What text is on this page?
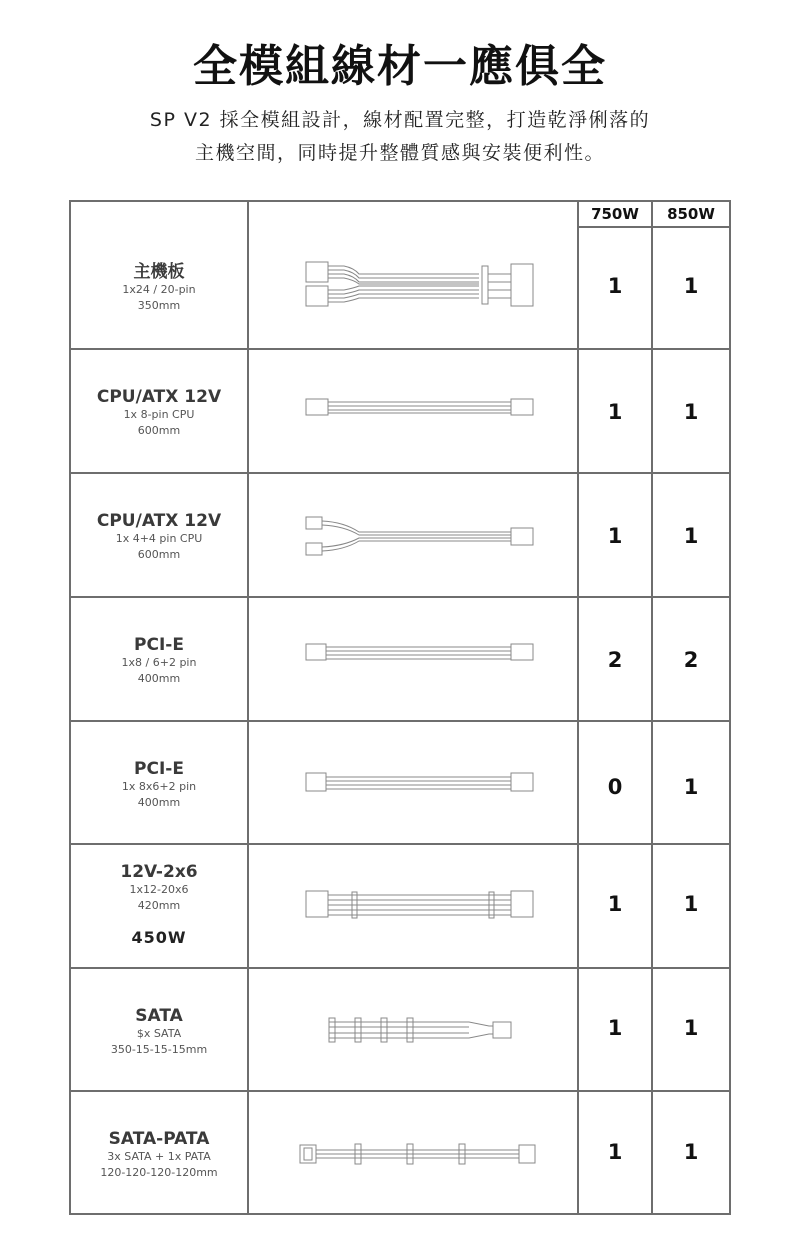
全模組線材一應俱全
SP V2 採全模組設計，線材配置完整，打造乾淨俐落的
主機空間，同時提升整體質感與安裝便利性。
750W	850W
主機板
1x24 / 20-pin
350mm
1	1
CPU/ATX 12V
1x 8-pin CPU
600mm
1	1
CPU/ATX 12V
1x 4+4 pin CPU
600mm
1	1
PCI-E
1x8 / 6+2 pin
400mm
2	2
PCI-E
1x 8x6+2 pin
400mm
0	1
12V-2x6
1x12-20x6
420mm
450W
1	1
SATA
$x SATA
350-15-15-15mm
1	1
SATA-PATA
3x SATA + 1x PATA
120-120-120-120mm
1	1
